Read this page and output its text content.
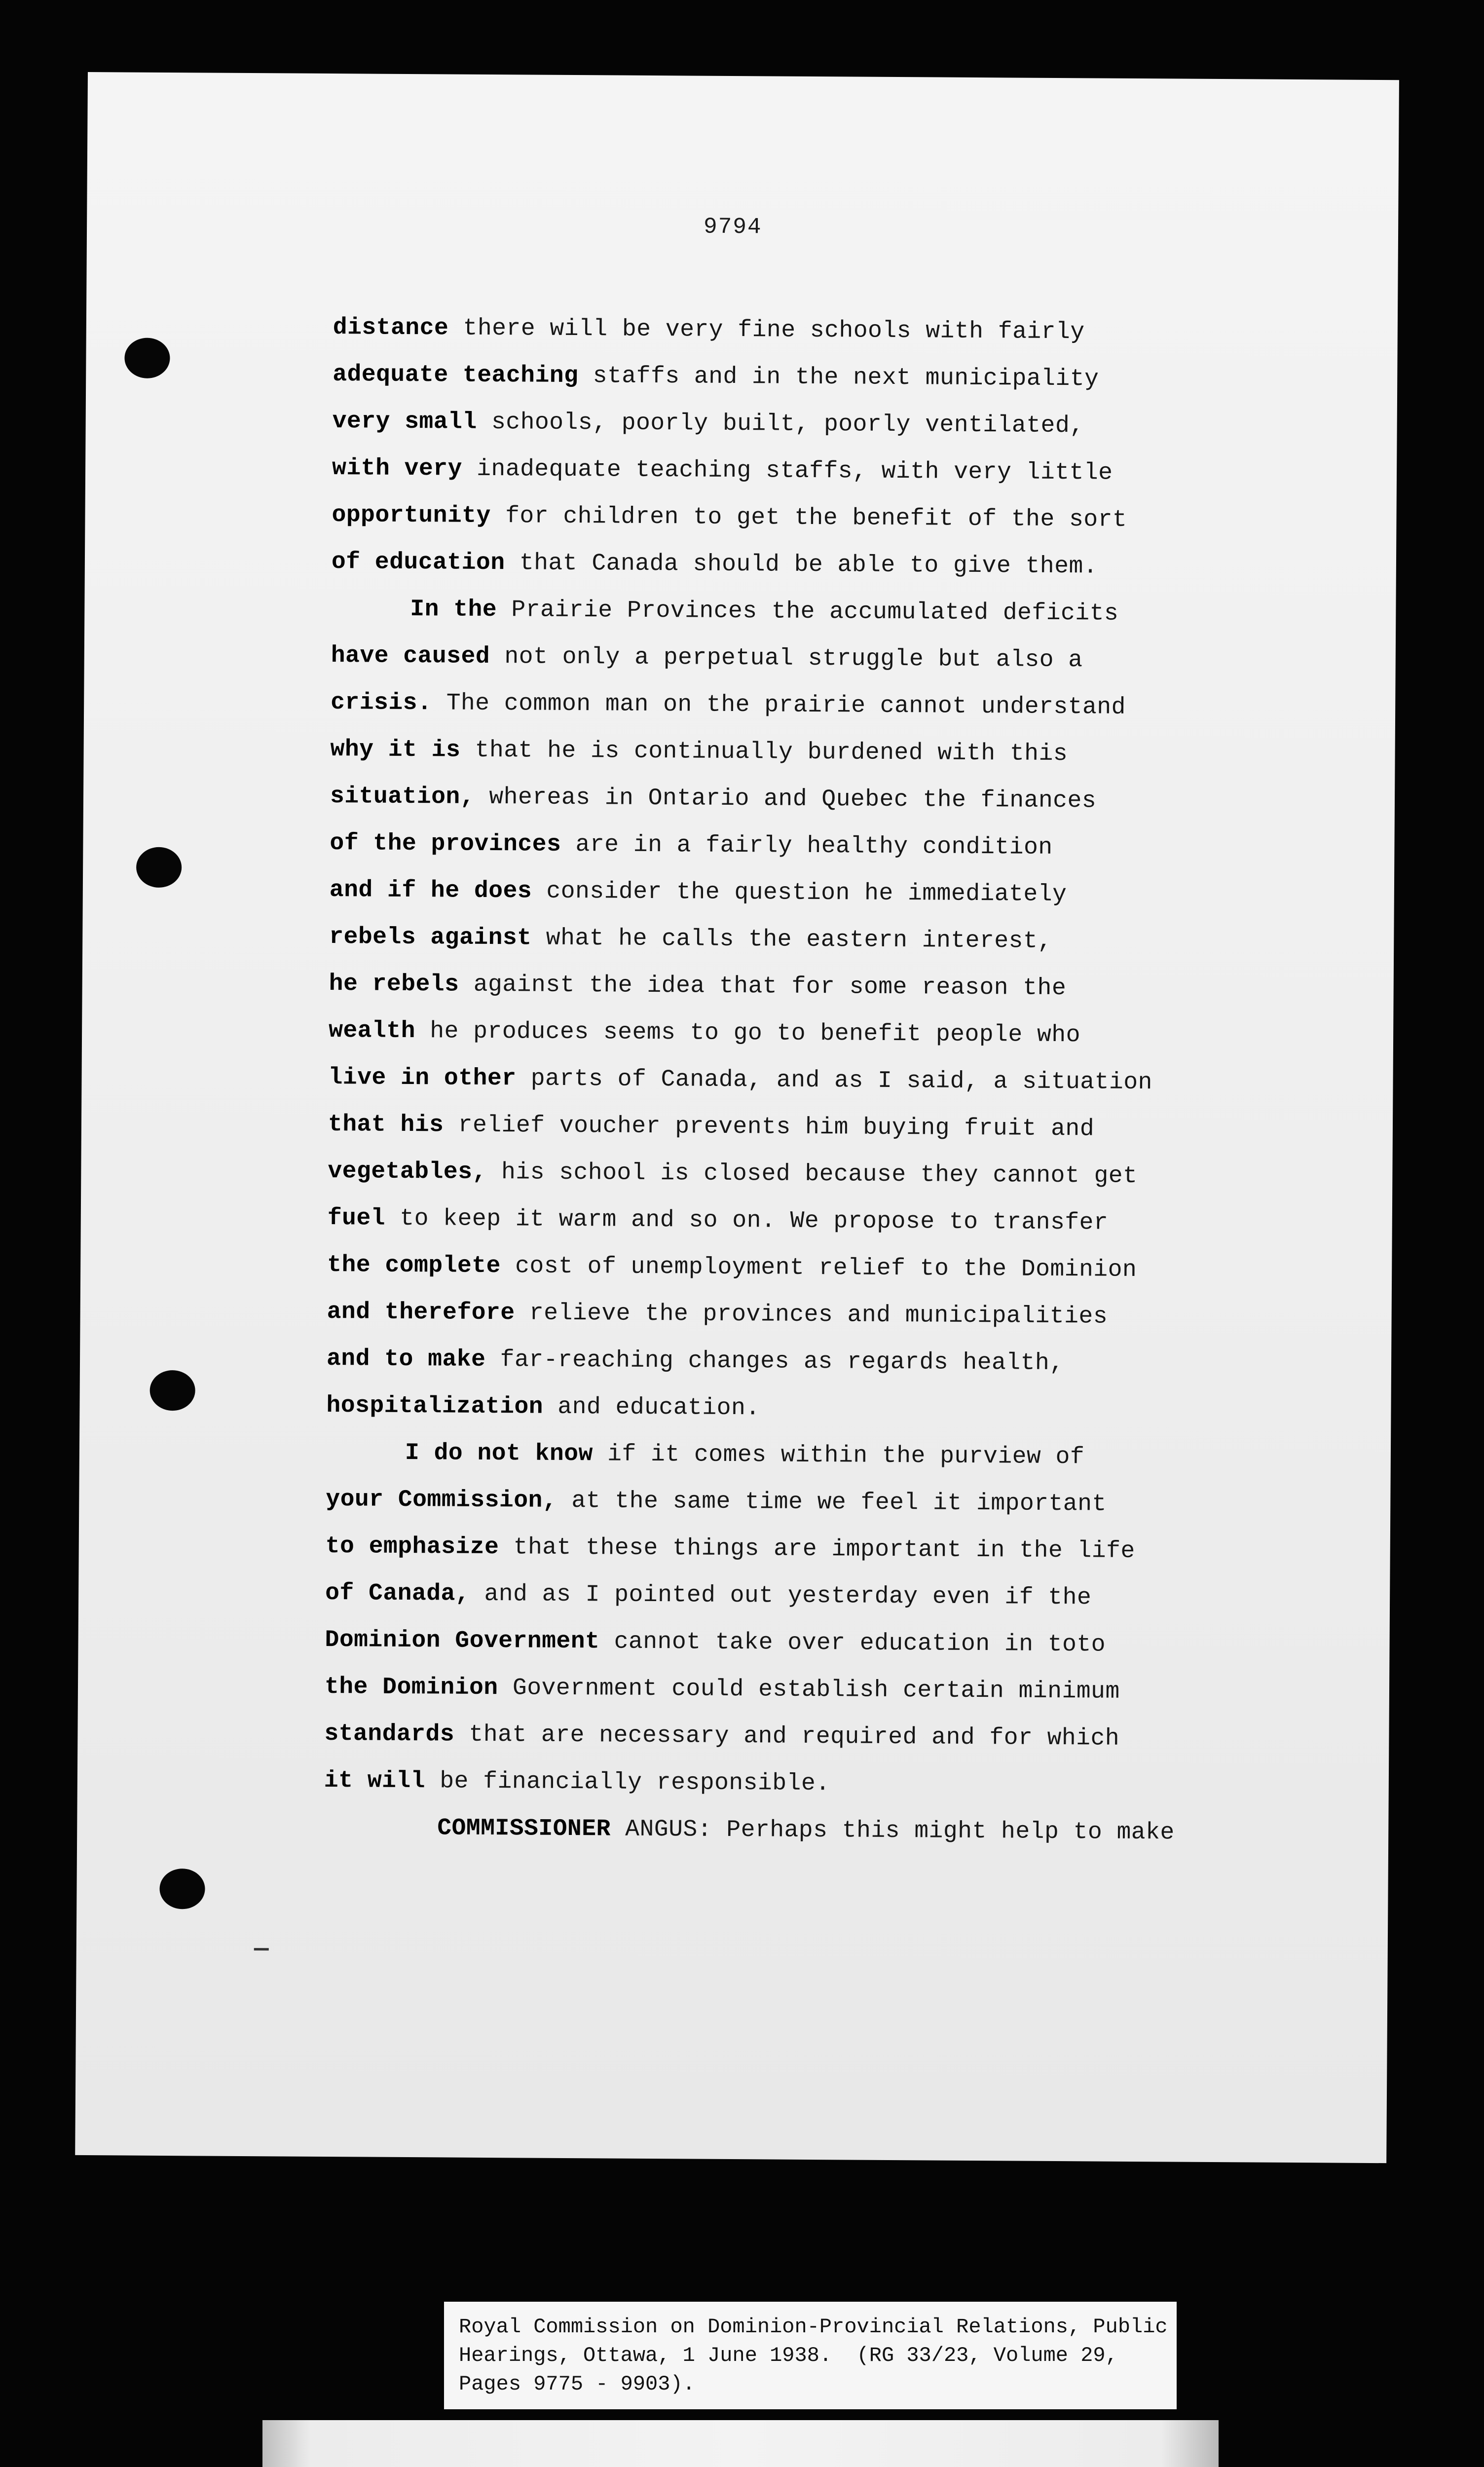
9794
distance there will be very fine schools with fairly
adequate teaching staffs and in the next municipality
very small schools, poorly built, poorly ventilated,
with very inadequate teaching staffs, with very little
opportunity for children to get the benefit of the sort
of education that Canada should be able to give them.
In the Prairie Provinces the accumulated deficits
have caused not only a perpetual struggle but also a
crisis. The common man on the prairie cannot understand
why it is that he is continually burdened with this
situation, whereas in Ontario and Quebec the finances
of the provinces are in a fairly healthy condition
and if he does consider the question he immediately
rebels against what he calls the eastern interest,
he rebels against the idea that for some reason the
wealth he produces seems to go to benefit people who
live in other parts of Canada, and as I said, a situation
that his relief voucher prevents him buying fruit and
vegetables, his school is closed because they cannot get
fuel to keep it warm and so on. We propose to transfer
the complete cost of unemployment relief to the Dominion
and therefore relieve the provinces and municipalities
and to make far-reaching changes as regards health,
hospitalization and education.
I do not know if it comes within the purview of
your Commission, at the same time we feel it important
to emphasize that these things are important in the life
of Canada, and as I pointed out yesterday even if the
Dominion Government cannot take over education in toto
the Dominion Government could establish certain minimum
standards that are necessary and required and for which
it will be financially responsible.
COMMISSIONER ANGUS: Perhaps this might help to make
Royal Commission on Dominion-Provincial Relations, Public
Hearings, Ottawa, 1 June 1938.  (RG 33/23, Volume 29,
Pages 9775 - 9903).
